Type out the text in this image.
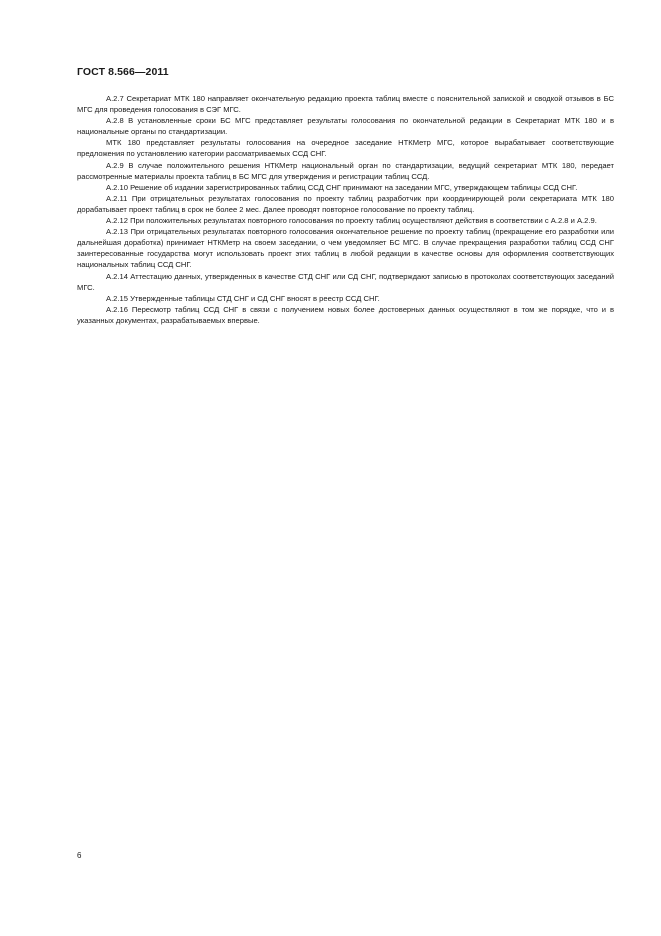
ГОСТ 8.566—2011

А.2.7 Секретариат МТК 180 направляет окончательную редакцию проекта таблиц вместе с пояснительной запиской и сводкой отзывов в БС МГС для проведения голосования в СЭГ МГС.

А.2.8 В установленные сроки БС МГС представляет результаты голосования по окончательной редакции в Секретариат МТК 180 и в национальные органы по стандартизации.

МТК 180 представляет результаты голосования на очередное заседание НТКМетр МГС, которое вырабатывает соответствующие предложения по установлению категории рассматриваемых ССД СНГ.

А.2.9 В случае положительного решения НТКМетр национальный орган по стандартизации, ведущий секретариат МТК 180, передает рассмотренные материалы проекта таблиц в БС МГС для утверждения и регистрации таблиц ССД.

А.2.10 Решение об издании зарегистрированных таблиц ССД СНГ принимают на заседании МГС, утверждающем таблицы ССД СНГ.

А.2.11 При отрицательных результатах голосования по проекту таблиц разработчик при координирующей роли секретариата МТК 180 дорабатывает проект таблиц в срок не более 2 мес. Далее проводят повторное голосование по проекту таблиц.

А.2.12 При положительных результатах повторного голосования по проекту таблиц осуществляют действия в соответствии с А.2.8 и А.2.9.

А.2.13 При отрицательных результатах повторного голосования окончательное решение по проекту таблиц (прекращение его разработки или дальнейшая доработка) принимает НТКМетр на своем заседании, о чем уведомляет БС МГС. В случае прекращения разработки таблиц ССД СНГ заинтересованные государства могут использовать проект этих таблиц в любой редакции в качестве основы для оформления соответствующих национальных таблиц ССД СНГ.

А.2.14 Аттестацию данных, утвержденных в качестве СТД СНГ или СД СНГ, подтверждают записью в протоколах соответствующих заседаний МГС.

А.2.15 Утвержденные таблицы СТД СНГ и СД СНГ вносят в реестр ССД СНГ.

А.2.16 Пересмотр таблиц ССД СНГ в связи с получением новых более достоверных данных осуществляют в том же порядке, что и в указанных документах, разрабатываемых впервые.

6
